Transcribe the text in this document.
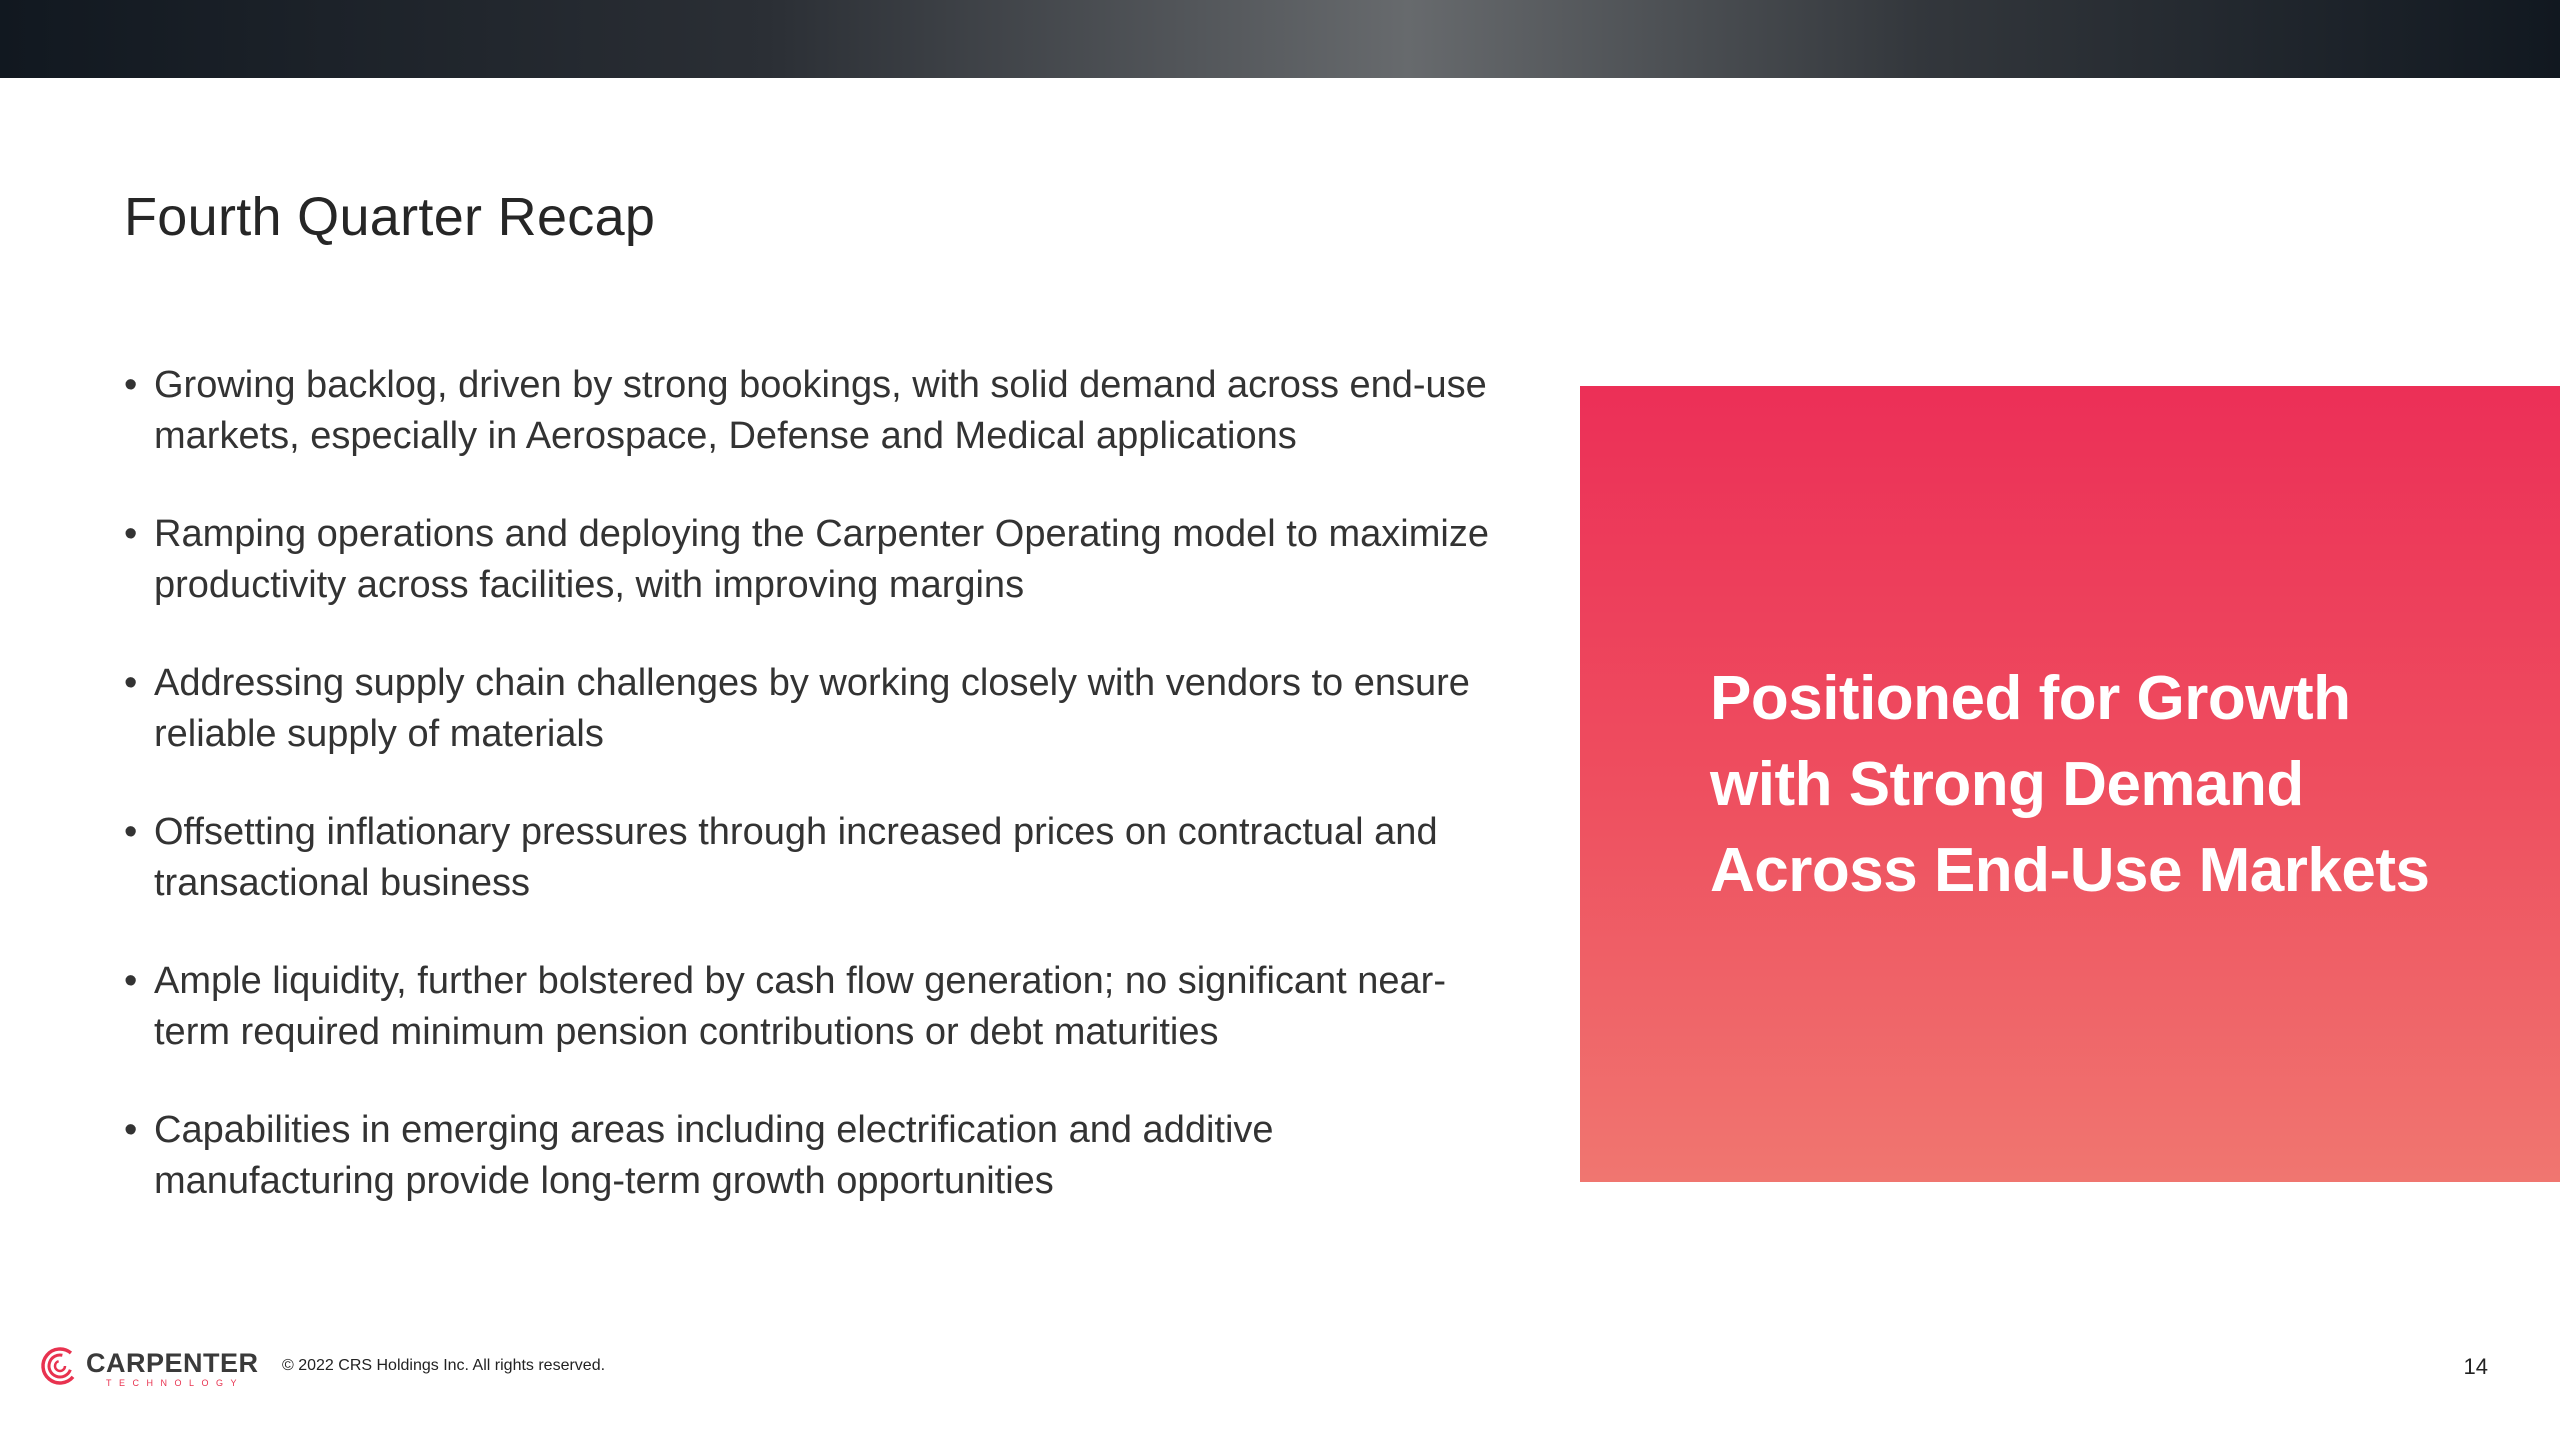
Fourth Quarter Recap
• Growing backlog, driven by strong bookings, with solid demand across end-use markets, especially in Aerospace, Defense and Medical applications
• Ramping operations and deploying the Carpenter Operating model to maximize productivity across facilities, with improving margins
• Addressing supply chain challenges by working closely with vendors to ensure reliable supply of materials
• Offsetting inflationary pressures through increased prices on contractual and transactional business
• Ample liquidity, further bolstered by cash flow generation; no significant near-term required minimum pension contributions or debt maturities
• Capabilities in emerging areas including electrification and additive manufacturing provide long-term growth opportunities
Positioned for Growth
with Strong Demand
Across End-Use Markets
CARPENTER
TECHNOLOGY
© 2022 CRS Holdings Inc. All rights reserved.	14
